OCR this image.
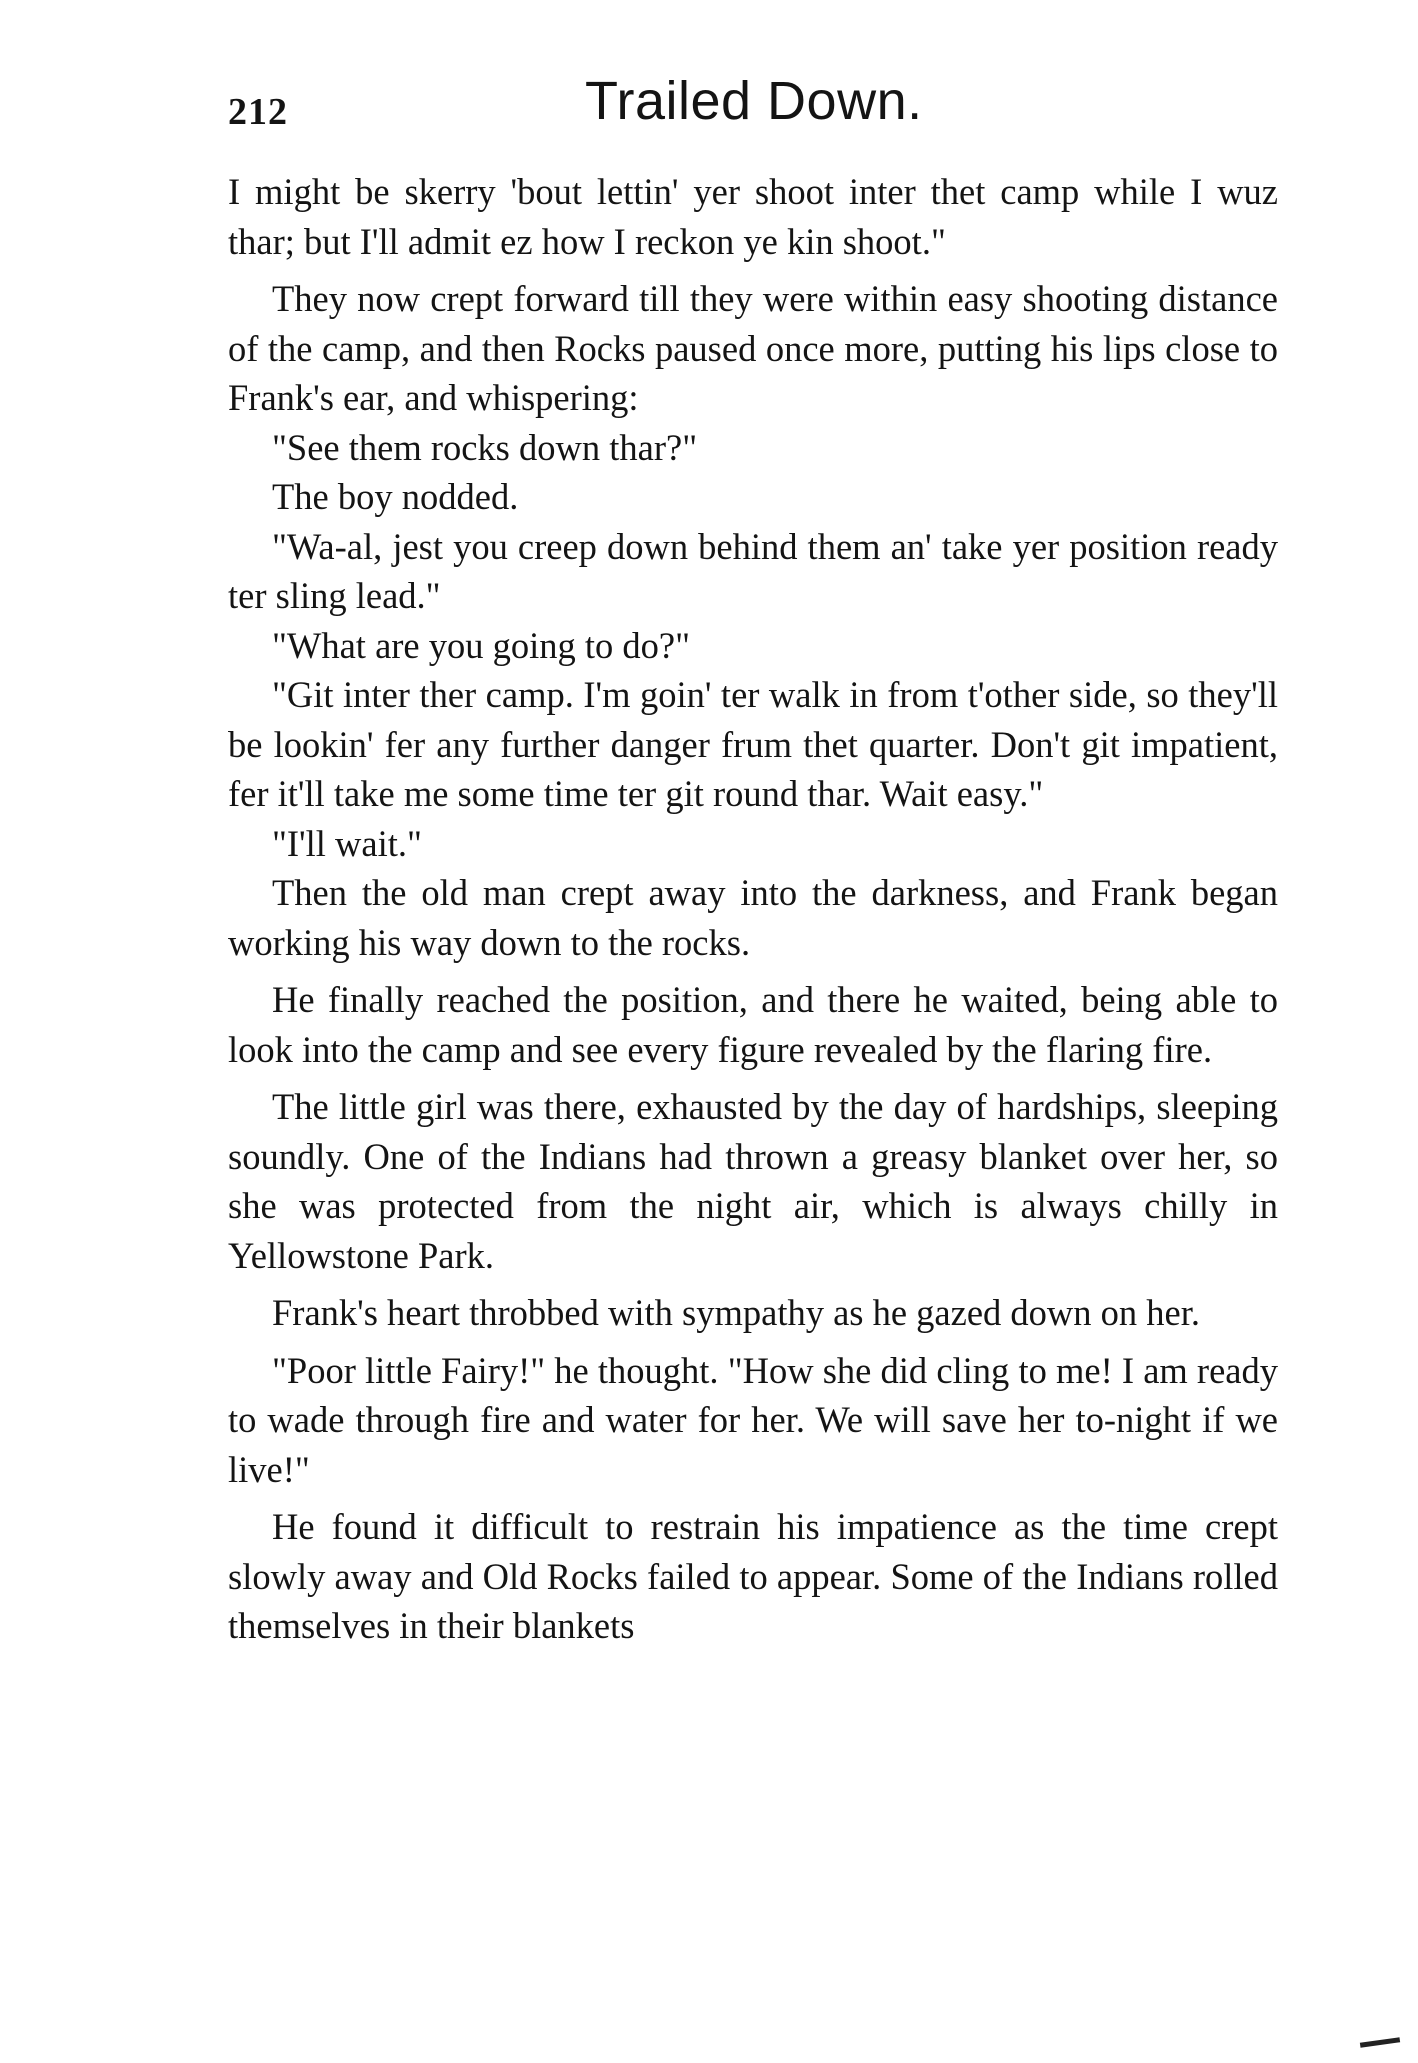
212	Trailed Down.

I might be skerry 'bout lettin' yer shoot inter thet camp while I wuz thar; but I'll admit ez how I reckon ye kin shoot."

They now crept forward till they were within easy shooting distance of the camp, and then Rocks paused once more, putting his lips close to Frank's ear, and whispering:

"See them rocks down thar?"

The boy nodded.

"Wa-al, jest you creep down behind them an' take yer position ready ter sling lead."

"What are you going to do?"

"Git inter ther camp. I'm goin' ter walk in from t'other side, so they'll be lookin' fer any further danger frum thet quarter. Don't git impatient, fer it'll take me some time ter git round thar. Wait easy."

"I'll wait."

Then the old man crept away into the darkness, and Frank began working his way down to the rocks.

He finally reached the position, and there he waited, being able to look into the camp and see every figure revealed by the flaring fire.

The little girl was there, exhausted by the day of hardships, sleeping soundly. One of the Indians had thrown a greasy blanket over her, so she was protected from the night air, which is always chilly in Yellowstone Park.

Frank's heart throbbed with sympathy as he gazed down on her.

"Poor little Fairy!" he thought. "How she did cling to me! I am ready to wade through fire and water for her. We will save her to-night if we live!"

He found it difficult to restrain his impatience as the time crept slowly away and Old Rocks failed to appear. Some of the Indians rolled themselves in their blankets
